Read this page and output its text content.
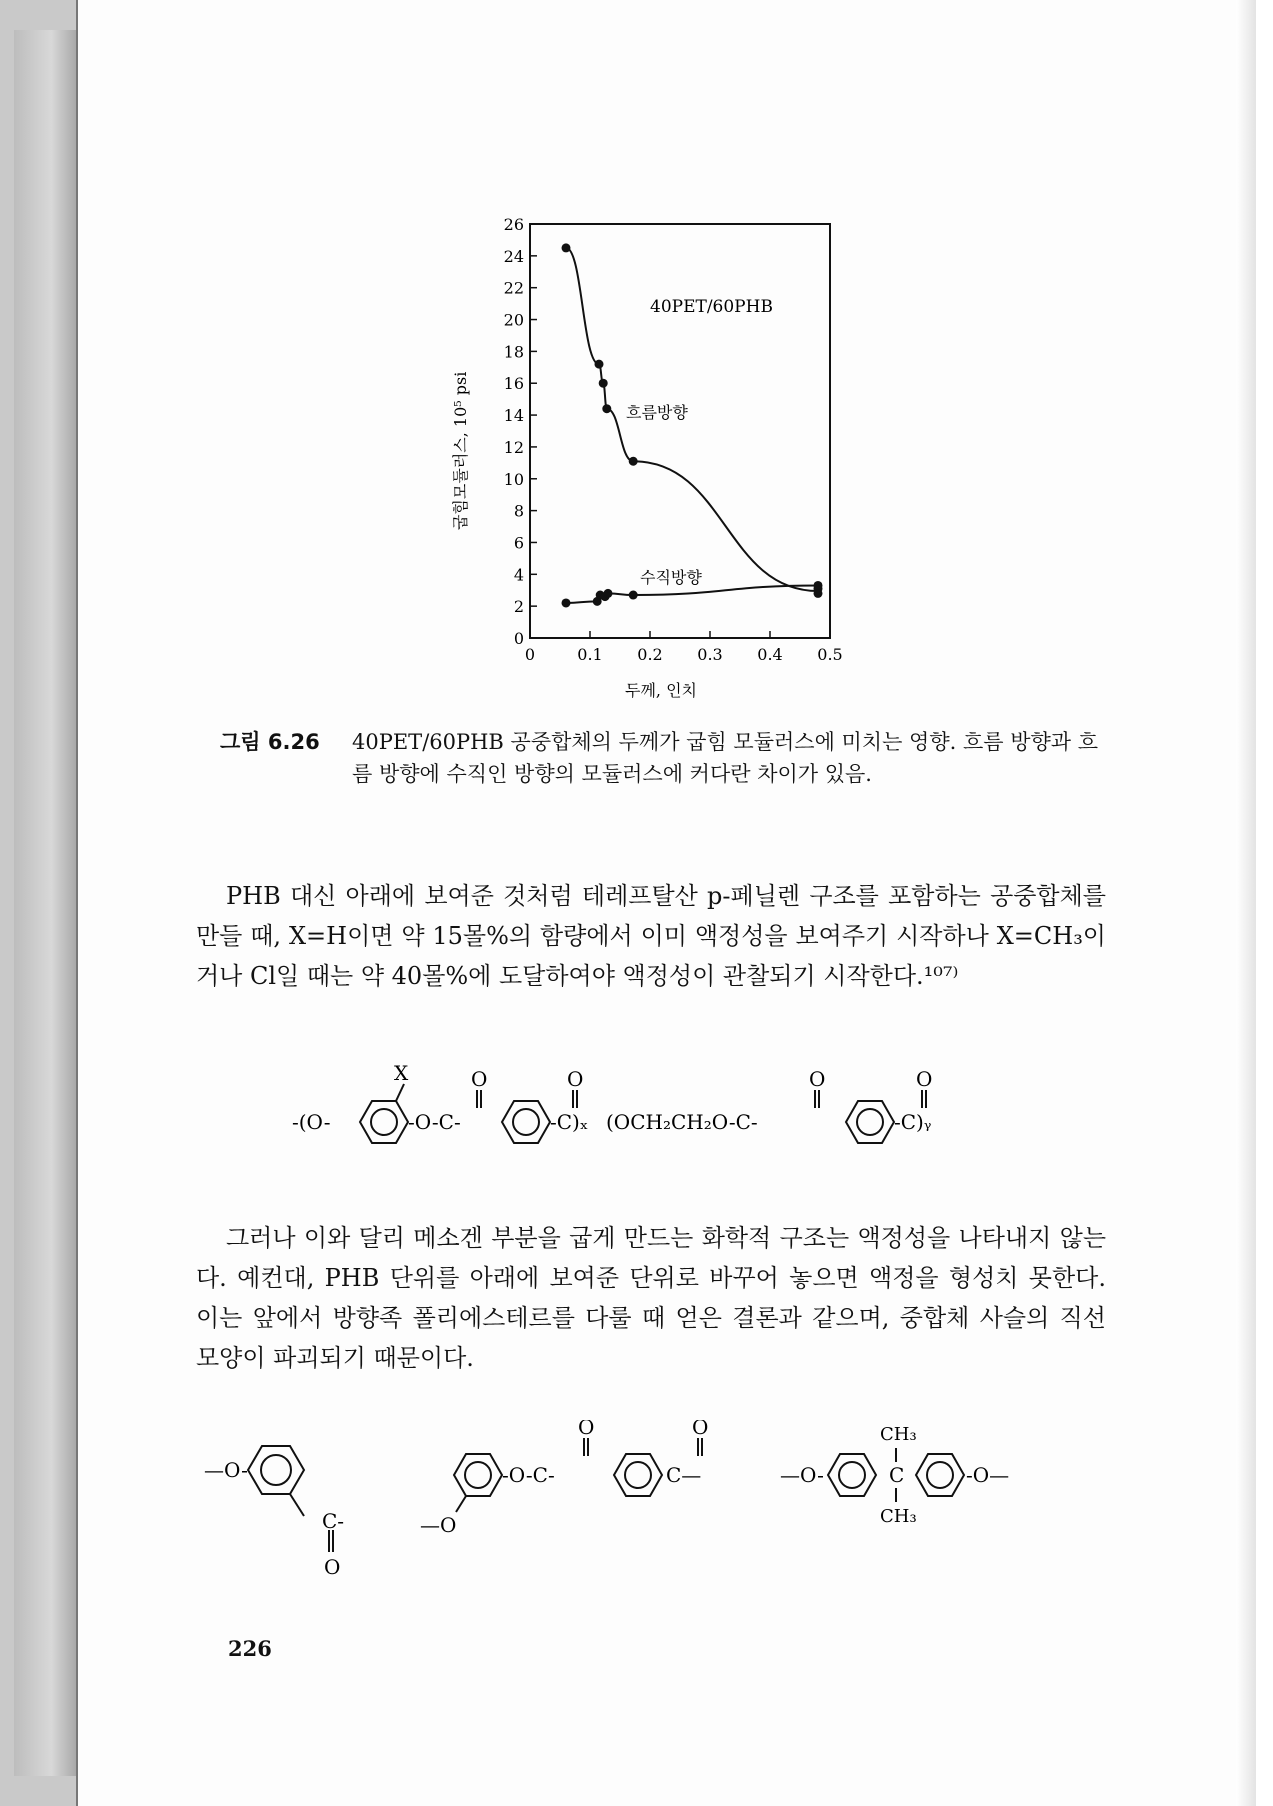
0
2
4
6
8
10
12
14
16
18
20
22
24
26
0	0.1 0.2 0.3 0.4 0.5
40PET/60PHB
흐름방향
수직방향
두께, 인치
굽힘모듈러스, 10⁵ psi
그림 6.26 40PET/60PHB 공중합체의 두께가 굽힘 모듈러스에 미치는 영향. 흐름 방향과 흐름 방향에 수직인 방향의 모듈러스에 커다란 차이가 있음.
PHB 대신 아래에 보여준 것처럼 테레프탈산 p-페닐렌 구조를 포함하는 공중합체를 만들 때, X=H이면 약 15몰%의 함량에서 이미 액정성을 보여주기 시작하나 X=CH₃이거나 Cl일 때는 약 40몰%에 도달하여야 액정성이 관찰되기 시작한다.¹⁰⁷⁾
X	O	O	O	O
-(O-	-O-C-	-C)ₓ (OCH₂CH₂O-C-	-C)ᵧ
그러나 이와 달리 메소겐 부분을 굽게 만드는 화학적 구조는 액정성을 나타내지 않는다. 예컨대, PHB 단위를 아래에 보여준 단위로 바꾸어 놓으면 액정을 형성치 못한다. 이는 앞에서 방향족 폴리에스테르를 다룰 때 얻은 결론과 같으며, 중합체 사슬의 직선 모양이 파괴되기 때문이다.
—O-
C-
O
O	O
-O-C-	C—
—O
—O-
CH₃
C
CH₃
-O—
226
